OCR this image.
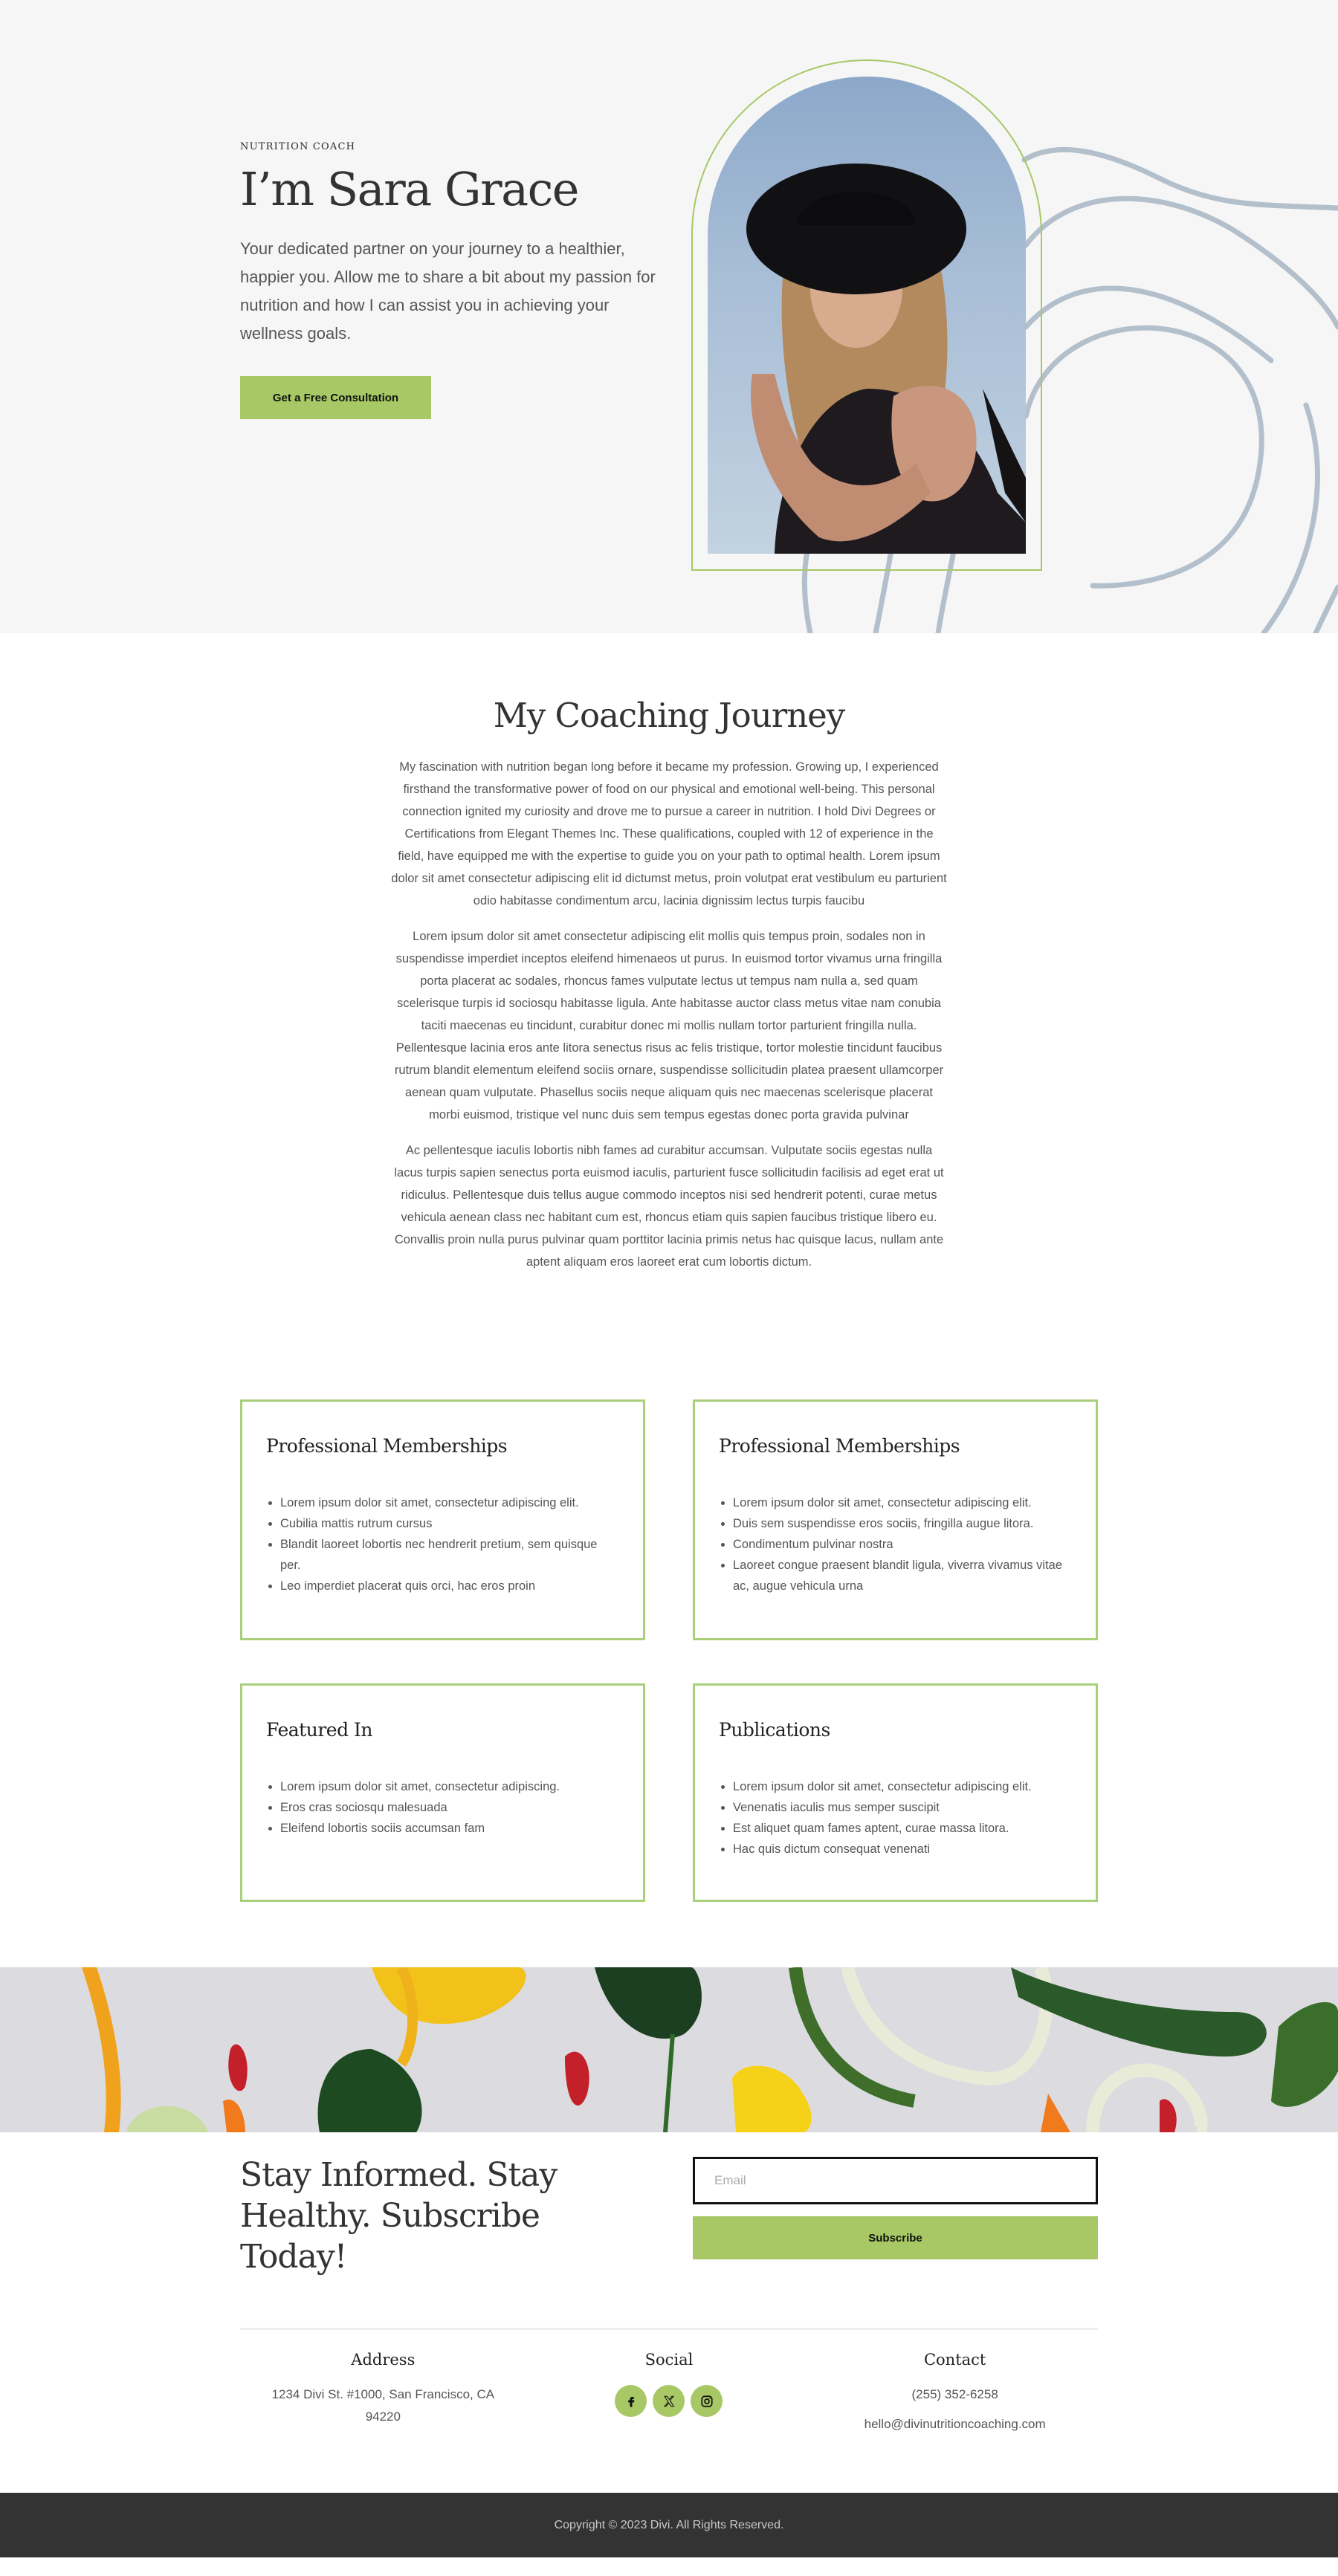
NUTRITION COACH
I’m Sara Grace

Your dedicated partner on your journey to a healthier, happier you. Allow me to share a bit about my passion for nutrition and how I can assist you in achieving your wellness goals.

Get a Free Consultation
My Coaching Journey

My fascination with nutrition began long before it became my profession. Growing up, I experienced firsthand the transformative power of food on our physical and emotional well-being. This personal connection ignited my curiosity and drove me to pursue a career in nutrition. I hold Divi Degrees or Certifications from Elegant Themes Inc. These qualifications, coupled with 12 of experience in the field, have equipped me with the expertise to guide you on your path to optimal health. Lorem ipsum dolor sit amet consectetur adipiscing elit id dictumst metus, proin volutpat erat vestibulum eu parturient odio habitasse condimentum arcu, lacinia dignissim lectus turpis faucibu

Lorem ipsum dolor sit amet consectetur adipiscing elit mollis quis tempus proin, sodales non in suspendisse imperdiet inceptos eleifend himenaeos ut purus. In euismod tortor vivamus urna fringilla porta placerat ac sodales, rhoncus fames vulputate lectus ut tempus nam nulla a, sed quam scelerisque turpis id sociosqu habitasse ligula. Ante habitasse auctor class metus vitae nam conubia taciti maecenas eu tincidunt, curabitur donec mi mollis nullam tortor parturient fringilla nulla. Pellentesque lacinia eros ante litora senectus risus ac felis tristique, tortor molestie tincidunt faucibus rutrum blandit elementum eleifend sociis ornare, suspendisse sollicitudin platea praesent ullamcorper aenean quam vulputate. Phasellus sociis neque aliquam quis nec maecenas scelerisque placerat morbi euismod, tristique vel nunc duis sem tempus egestas donec porta gravida pulvinar

Ac pellentesque iaculis lobortis nibh fames ad curabitur accumsan. Vulputate sociis egestas nulla lacus turpis sapien senectus porta euismod iaculis, parturient fusce sollicitudin facilisis ad eget erat ut ridiculus. Pellentesque duis tellus augue commodo inceptos nisi sed hendrerit potenti, curae metus vehicula aenean class nec habitant cum est, rhoncus etiam quis sapien faucibus tristique libero eu. Convallis proin nulla purus pulvinar quam porttitor lacinia primis netus hac quisque lacus, nullam ante aptent aliquam eros laoreet erat cum lobortis dictum.

Professional Memberships
• Lorem ipsum dolor sit amet, consectetur adipiscing elit.
• Cubilia mattis rutrum cursus
• Blandit laoreet lobortis nec hendrerit pretium, sem quisque per.
• Leo imperdiet placerat quis orci, hac eros proin
Professional Memberships
• Lorem ipsum dolor sit amet, consectetur adipiscing elit.
• Duis sem suspendisse eros sociis, fringilla augue litora.
• Condimentum pulvinar nostra
• Laoreet congue praesent blandit ligula, viverra vivamus vitae ac, augue vehicula urna
Featured In
• Lorem ipsum dolor sit amet, consectetur adipiscing.
• Eros cras sociosqu malesuada
• Eleifend lobortis sociis accumsan fam
Publications
• Lorem ipsum dolor sit amet, consectetur adipiscing elit.
• Venenatis iaculis mus semper suscipit
• Est aliquet quam fames aptent, curae massa litora.
• Hac quis dictum consequat venenati
Stay Informed. Stay Healthy. Subscribe Today!
Email	Subscribe
Address
1234 Divi St. #1000, San Francisco, CA 94220
Social	Contact
(255) 352-6258
hello@divinutritioncoaching.com
Copyright © 2023 Divi. All Rights Reserved.
